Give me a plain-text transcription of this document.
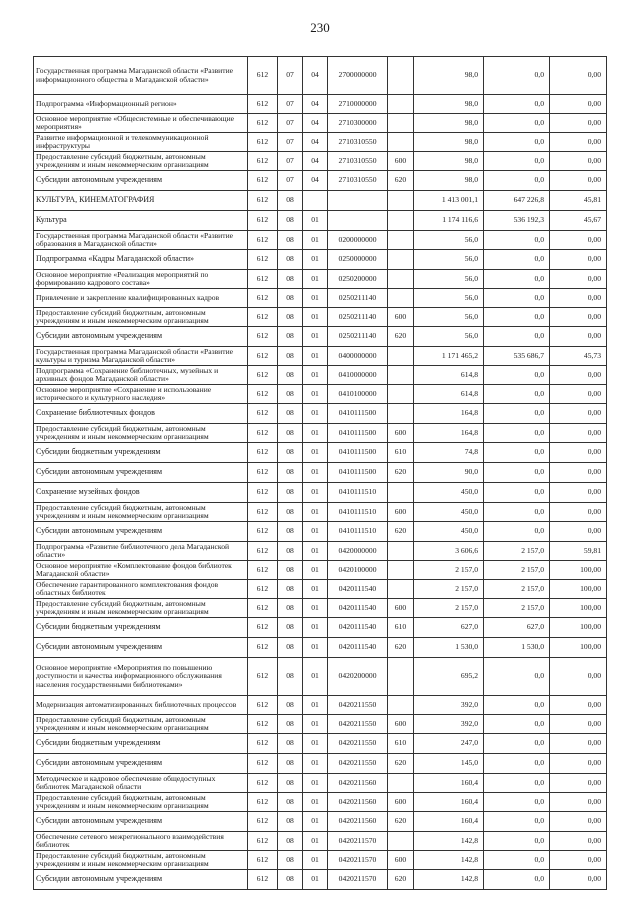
230
Государственная программа Магаданской области «Развитие информационного общества в Магаданской области»	612	07	04	2700000000		98,0	0,0	0,00
Подпрограмма «Информационный регион»	612	07	04	2710000000		98,0	0,0	0,00
Основное мероприятие «Общесистемные и обеспечивающие мероприятия»	612	07	04	2710300000		98,0	0,0	0,00
Развитие информационной и телекоммуникационной инфраструктуры	612	07	04	2710310550		98,0	0,0	0,00
Предоставление субсидий бюджетным, автономным учреждениям и иным некоммерческим организациям	612	07	04	2710310550	600	98,0	0,0	0,00
Субсидии автономным учреждениям	612	07	04	2710310550	620	98,0	0,0	0,00
КУЛЬТУРА, КИНЕМАТОГРАФИЯ	612	08				1 413 001,1	647 226,8	45,81
Культура	612	08	01			1 174 116,6	536 192,3	45,67
Государственная программа Магаданской области «Развитие образования в Магаданской области»	612	08	01	0200000000		56,0	0,0	0,00
Подпрограмма «Кадры Магаданской области»	612	08	01	0250000000		56,0	0,0	0,00
Основное мероприятие «Реализация мероприятий по формированию кадрового состава»	612	08	01	0250200000		56,0	0,0	0,00
Привлечение и закрепление квалифицированных кадров	612	08	01	0250211140		56,0	0,0	0,00
Предоставление субсидий бюджетным, автономным учреждениям и иным некоммерческим организациям	612	08	01	0250211140	600	56,0	0,0	0,00
Субсидии автономным учреждениям	612	08	01	0250211140	620	56,0	0,0	0,00
Государственная программа Магаданской области «Развитие культуры и туризма Магаданской области»	612	08	01	0400000000		1 171 465,2	535 686,7	45,73
Подпрограмма «Сохранение библиотечных, музейных и архивных фондов Магаданской области»	612	08	01	0410000000		614,8	0,0	0,00
Основное мероприятие «Сохранение и использование исторического и культурного наследия»	612	08	01	0410100000		614,8	0,0	0,00
Сохранение библиотечных фондов	612	08	01	0410111500		164,8	0,0	0,00
Предоставление субсидий бюджетным, автономным учреждениям и иным некоммерческим организациям	612	08	01	0410111500	600	164,8	0,0	0,00
Субсидии бюджетным учреждениям	612	08	01	0410111500	610	74,8	0,0	0,00
Субсидии автономным учреждениям	612	08	01	0410111500	620	90,0	0,0	0,00
Сохранение музейных фондов	612	08	01	0410111510		450,0	0,0	0,00
Предоставление субсидий бюджетным, автономным учреждениям и иным некоммерческим организациям	612	08	01	0410111510	600	450,0	0,0	0,00
Субсидии автономным учреждениям	612	08	01	0410111510	620	450,0	0,0	0,00
Подпрограмма «Развитие библиотечного дела Магаданской области»	612	08	01	0420000000		3 606,6	2 157,0	59,81
Основное мероприятие «Комплектование фондов библиотек Магаданской области»	612	08	01	0420100000		2 157,0	2 157,0	100,00
Обеспечение гарантированного комплектования фондов областных библиотек	612	08	01	0420111540		2 157,0	2 157,0	100,00
Предоставление субсидий бюджетным, автономным учреждениям и иным некоммерческим организациям	612	08	01	0420111540	600	2 157,0	2 157,0	100,00
Субсидии бюджетным учреждениям	612	08	01	0420111540	610	627,0	627,0	100,00
Субсидии автономным учреждениям	612	08	01	0420111540	620	1 530,0	1 530,0	100,00
Основное мероприятие «Мероприятия по повышению доступности и качества информационного обслуживания населения государственными библиотеками»	612	08	01	0420200000		695,2	0,0	0,00
Модернизация автоматизированных библиотечных процессов	612	08	01	0420211550		392,0	0,0	0,00
Предоставление субсидий бюджетным, автономным учреждениям и иным некоммерческим организациям	612	08	01	0420211550	600	392,0	0,0	0,00
Субсидии бюджетным учреждениям	612	08	01	0420211550	610	247,0	0,0	0,00
Субсидии автономным учреждениям	612	08	01	0420211550	620	145,0	0,0	0,00
Методическое и кадровое обеспечение общедоступных библиотек Магаданской области	612	08	01	0420211560		160,4	0,0	0,00
Предоставление субсидий бюджетным, автономным учреждениям и иным некоммерческим организациям	612	08	01	0420211560	600	160,4	0,0	0,00
Субсидии автономным учреждениям	612	08	01	0420211560	620	160,4	0,0	0,00
Обеспечение сетевого межрегионального взаимодействия библиотек	612	08	01	0420211570		142,8	0,0	0,00
Предоставление субсидий бюджетным, автономным учреждениям и иным некоммерческим организациям	612	08	01	0420211570	600	142,8	0,0	0,00
Субсидии автономным учреждениям	612	08	01	0420211570	620	142,8	0,0	0,00
